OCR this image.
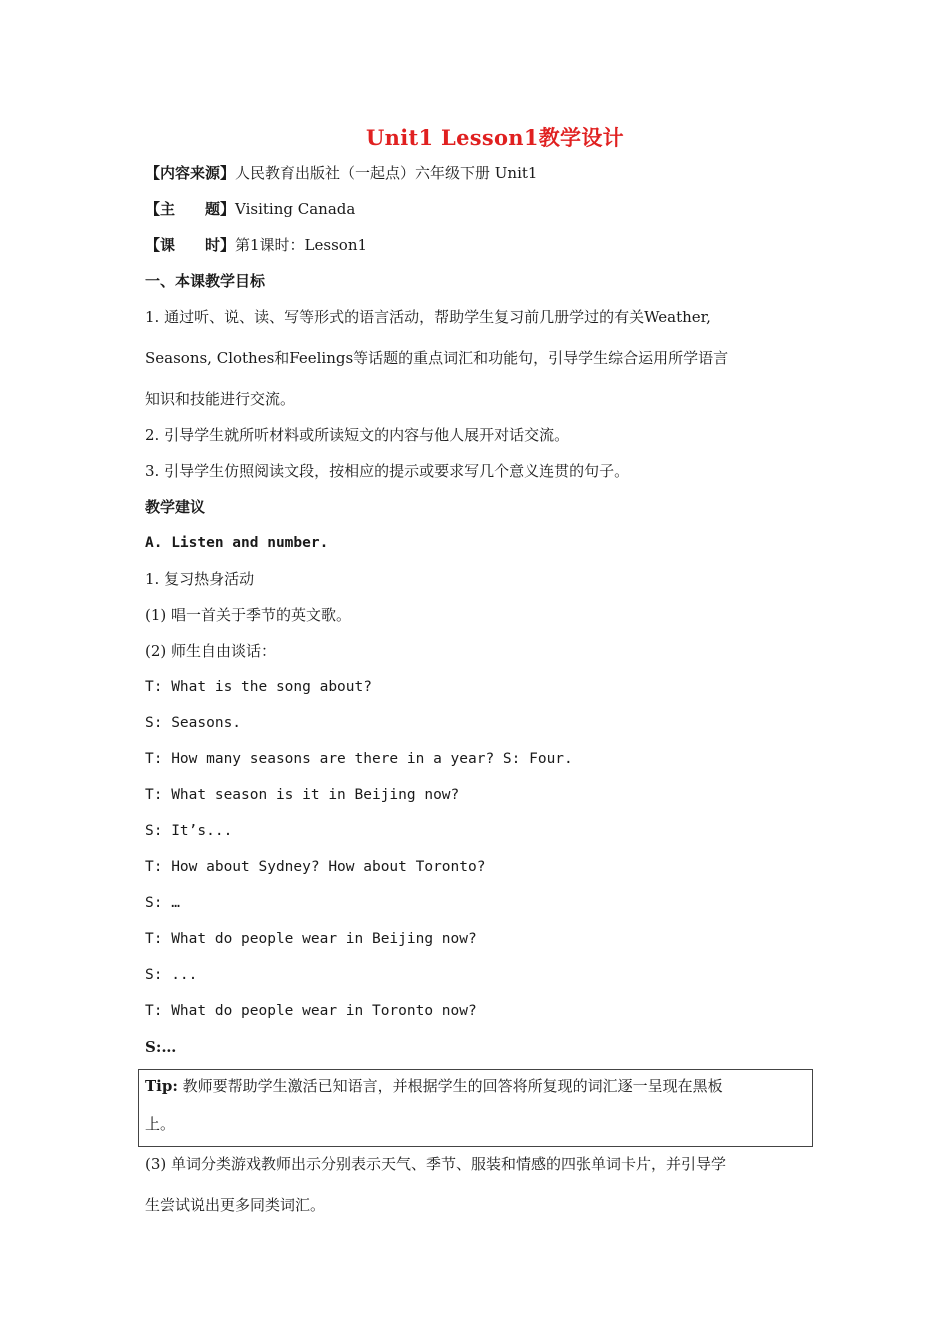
Unit1 Lesson1教学设计
【内容来源】人民教育出版社（一起点）六年级下册 Unit1
【主　　题】Visiting Canada
【课　　时】第1课时：Lesson1
一、本课教学目标
1. 通过听、说、读、写等形式的语言活动，帮助学生复习前几册学过的有关Weather,
Seasons, Clothes和Feelings等话题的重点词汇和功能句，引导学生综合运用所学语言
知识和技能进行交流。
2. 引导学生就所听材料或所读短文的内容与他人展开对话交流。
3. 引导学生仿照阅读文段，按相应的提示或要求写几个意义连贯的句子。
教学建议
A. Listen and number.
1. 复习热身活动
(1) 唱一首关于季节的英文歌。
(2) 师生自由谈话：
T: What is the song about?
S: Seasons.
T: How many seasons are there in a year? S: Four.
T: What season is it in Beijing now?
S: It’s...
T: How about Sydney? How about Toronto?
S: …
T: What do people wear in Beijing now?
S: ...
T: What do people wear in Toronto now?
S:…
Tip: 教师要帮助学生激活已知语言，并根据学生的回答将所复现的词汇逐一呈现在黑板
上。
(3) 单词分类游戏教师出示分别表示天气、季节、服装和情感的四张单词卡片，并引导学
生尝试说出更多同类词汇。
